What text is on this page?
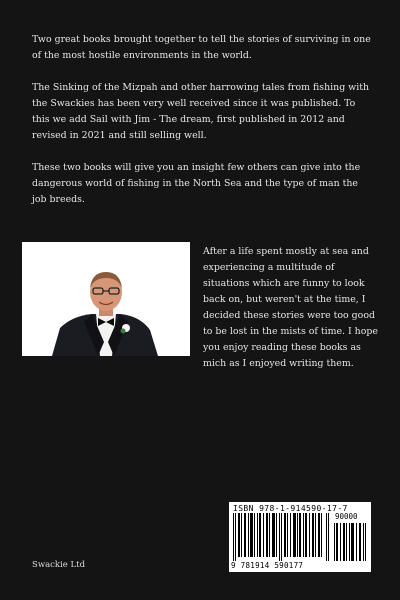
Two great books brought together to tell the stories of surviving in one of the most hostile environments in the world.

The Sinking of the Mizpah and other harrowing tales from fishing with the Swackies has been very well received since it was published. To this we add Sail with Jim - The dream, first published in 2012 and revised in 2021 and still selling well.

These two books will give you an insight few others can give into the dangerous world of fishing in the North Sea and the type of man the job breeds.

After a life spent mostly at sea and experiencing a multitude of situations which are funny to look back on, but weren't at the time, I decided these stories were too good to be lost in the mists of time. I hope you enjoy reading these books as mich as I enjoyed writing them.

ISBN 978-1-914590-17-7
90000
9 781914 590177
Swackie Ltd
